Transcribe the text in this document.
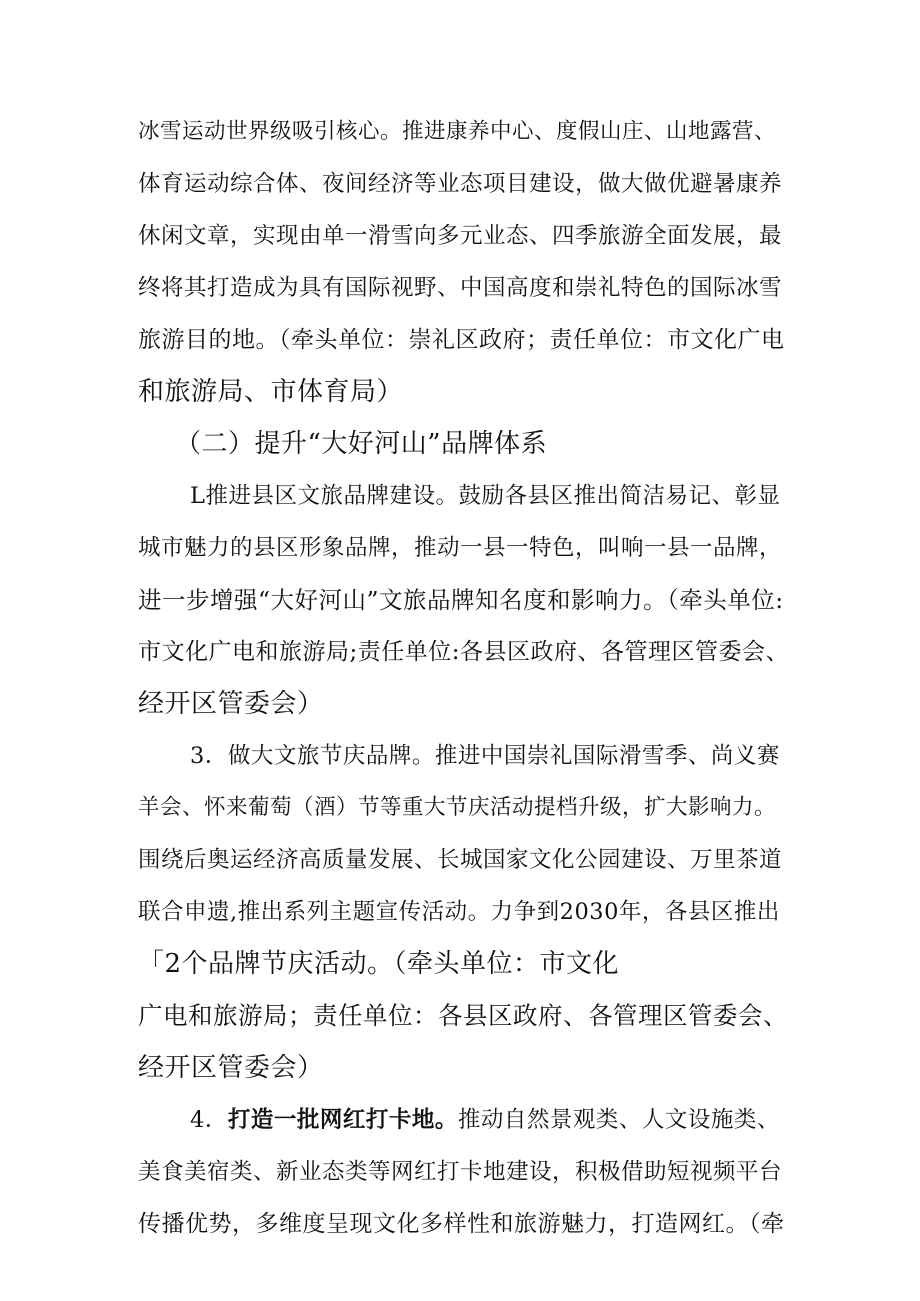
冰雪运动世界级吸引核心。推进康养中心、度假山庄、山地露营、
体育运动综合体、夜间经济等业态项目建设，做大做优避暑康养
休闲文章，实现由单一滑雪向多元业态、四季旅游全面发展，最
终将其打造成为具有国际视野、中国高度和崇礼特色的国际冰雪
旅游目的地。（牵头单位：崇礼区政府；责任单位：市文化广电
和旅游局、市体育局）
（二）提升“大好河山”品牌体系
L推进县区文旅品牌建设。鼓励各县区推出简洁易记、彰显
城市魅力的县区形象品牌，推动一县一特色，叫响一县一品牌，
进一步增强“大好河山”文旅品牌知名度和影响力。（牵头单位:
市文化广电和旅游局;责任单位:各县区政府、各管理区管委会、
经开区管委会）
3．做大文旅节庆品牌。推进中国崇礼国际滑雪季、尚义赛
羊会、怀来葡萄（酒）节等重大节庆活动提档升级，扩大影响力。
围绕后奥运经济高质量发展、长城国家文化公园建设、万里茶道
联合申遗,推出系列主题宣传活动。力争到2030年，各县区推出
「2个品牌节庆活动。（牵头单位：市文化
广电和旅游局；责任单位：各县区政府、各管理区管委会、
经开区管委会）
4．打造一批网红打卡地。推动自然景观类、人文设施类、
美食美宿类、新业态类等网红打卡地建设，积极借助短视频平台
传播优势，多维度呈现文化多样性和旅游魅力，打造网红。（牵
